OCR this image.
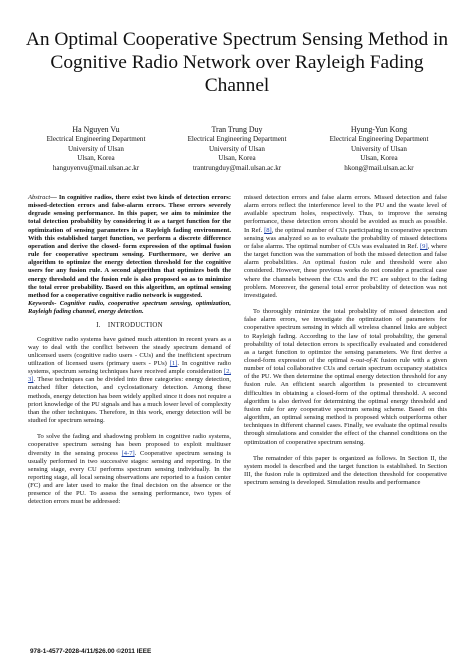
An Optimal Cooperative Spectrum Sensing Method in Cognitive Radio Network over Rayleigh Fading Channel
Ha Nguyen Vu
Electrical Engineering Department
University of Ulsan
Ulsan, Korea
hanguyenvu@mail.ulsan.ac.kr
Tran Trung Duy
Electrical Engineering Department
University of Ulsan
Ulsan, Korea
trantrungduy@mail.ulsan.ac.kr
Hyung-Yun Kong
Electrical Engineering Department
University of Ulsan
Ulsan, Korea
hkong@mail.ulsan.ac.kr

Abstract— In cognitive radios, there exist two kinds of detection errors: missed-detection errors and false-alarm errors. These errors severely degrade sensing performance. In this paper, we aim to minimize the total detection probability by considering it as a target function for the optimization of sensing parameters in a Rayleigh fading environment. With this established target function, we perform a discrete difference operation and derive the closed- form expression of the optimal fusion rule for cooperative spectrum sensing. Furthermore, we derive an algorithm to optimize the energy detection threshold for the cognitive users for any fusion rule. A second algorithm that optimizes both the energy threshold and the fusion rule is also proposed so as to minimize the total error probability. Based on this algorithm, an optimal sensing method for a cooperative cognitive radio network is suggested.

Keywords- Cognitive radio, cooperative spectrum sensing, optimization, Rayleigh fading channel, energy detection.

I. INTRODUCTION

Cognitive radio systems have gained much attention in recent years as a way to deal with the conflict between the steady spectrum demand of unlicensed users (cognitive radio users - CUs) and the inefficient spectrum utilization of licensed users (primary users - PUs) [1]. In cognitive radio systems, spectrum sensing techniques have received ample consideration [2, 3]. These techniques can be divided into three categories: energy detection, matched filter detection, and cyclostationary detection. Among these methods, energy detection has been widely applied since it does not require a priori knowledge of the PU signals and has a much lower level of complexity than the other techniques. Therefore, in this work, energy detection will be studied for spectrum sensing.

To solve the fading and shadowing problem in cognitive radio systems, cooperative spectrum sensing has been proposed to exploit multiuser diversity in the sensing process [4-7]. Cooperative spectrum sensing is usually performed in two successive stages: sensing and reporting. In the sensing stage, every CU performs spectrum sensing individually. In the reporting stage, all local sensing observations are reported to a fusion center (FC) and are later used to make the final decision on the absence or the presence of the PU. To assess the sensing performance, two types of detection errors must be addressed:

missed detection errors and false alarm errors. Missed detection and false alarm errors reflect the interference level to the PU and the waste level of available spectrum holes, respectively. Thus, to improve the sensing performance, these detection errors should be avoided as much as possible. In Ref. [8], the optimal number of CUs participating in cooperative spectrum sensing was analyzed so as to evaluate the probability of missed detections or false alarms. The optimal number of CUs was evaluated in Ref. [9], where the target function was the summation of both the missed detection and false alarm probabilities. An optimal fusion rule and threshold were also considered. However, these previous works do not consider a practical case where the channels between the CUs and the FC are subject to the fading problem. Moreover, the general total error probability of detection was not investigated.

To thoroughly minimize the total probability of missed detection and false alarm errors, we investigate the optimization of parameters for cooperative spectrum sensing in which all wireless channel links are subject to Rayleigh fading. According to the law of total probability, the general probability of total detection errors is specifically evaluated and considered as a target function to optimize the sensing parameters. We first derive a closed-form expression of the optimal n-out-of-K fusion rule with a given number of total collaborative CUs and certain spectrum occupancy statistics of the PU. We then determine the optimal energy detection threshold for any fusion rule. An efficient search algorithm is presented to circumvent difficulties in obtaining a closed-form of the optimal threshold. A second algorithm is also derived for determining the optimal energy threshold and fusion rule for any cooperative spectrum sensing scheme. Based on this algorithm, an optimal sensing method is proposed which outperforms other techniques in different channel cases. Finally, we evaluate the optimal results through simulations and consider the effect of the channel conditions on the optimization of cooperative spectrum sensing.

The remainder of this paper is organized as follows. In Section II, the system model is described and the target function is established. In Section III, the fusion rule is optimized and the detection threshold for cooperative spectrum sensing is developed. Simulation results and performance

978-1-4577-2028-4/11/$26.00 ©2011 IEEE
